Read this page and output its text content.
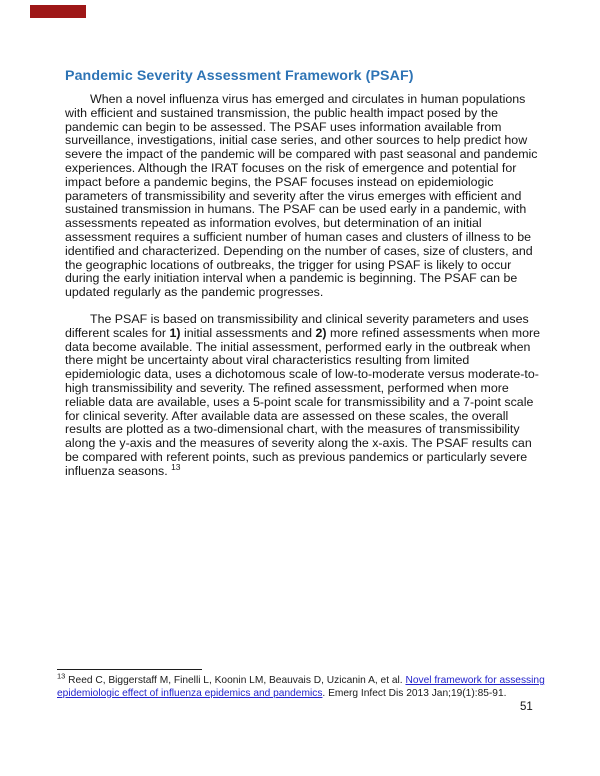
Pandemic Severity Assessment Framework (PSAF)
When a novel influenza virus has emerged and circulates in human populations with efficient and sustained transmission, the public health impact posed by the pandemic can begin to be assessed. The PSAF uses information available from surveillance, investigations, initial case series, and other sources to help predict how severe the impact of the pandemic will be compared with past seasonal and pandemic experiences. Although the IRAT focuses on the risk of emergence and potential for impact before a pandemic begins, the PSAF focuses instead on epidemiologic parameters of transmissibility and severity after the virus emerges with efficient and sustained transmission in humans. The PSAF can be used early in a pandemic, with assessments repeated as information evolves, but determination of an initial assessment requires a sufficient number of human cases and clusters of illness to be identified and characterized. Depending on the number of cases, size of clusters, and the geographic locations of outbreaks, the trigger for using PSAF is likely to occur during the early initiation interval when a pandemic is beginning. The PSAF can be updated regularly as the pandemic progresses.
The PSAF is based on transmissibility and clinical severity parameters and uses different scales for 1) initial assessments and 2) more refined assessments when more data become available. The initial assessment, performed early in the outbreak when there might be uncertainty about viral characteristics resulting from limited epidemiologic data, uses a dichotomous scale of low-to-moderate versus moderate-to-high transmissibility and severity. The refined assessment, performed when more reliable data are available, uses a 5-point scale for transmissibility and a 7-point scale for clinical severity. After available data are assessed on these scales, the overall results are plotted as a two-dimensional chart, with the measures of transmissibility along the y-axis and the measures of severity along the x-axis. The PSAF results can be compared with referent points, such as previous pandemics or particularly severe influenza seasons. $^{13}$
$^{13}$ Reed C, Biggerstaff M, Finelli L, Koonin LM, Beauvais D, Uzicanin A, et al. Novel framework for assessing epidemiologic effect of influenza epidemics and pandemics. Emerg Infect Dis 2013 Jan;19(1):85-91.
51
